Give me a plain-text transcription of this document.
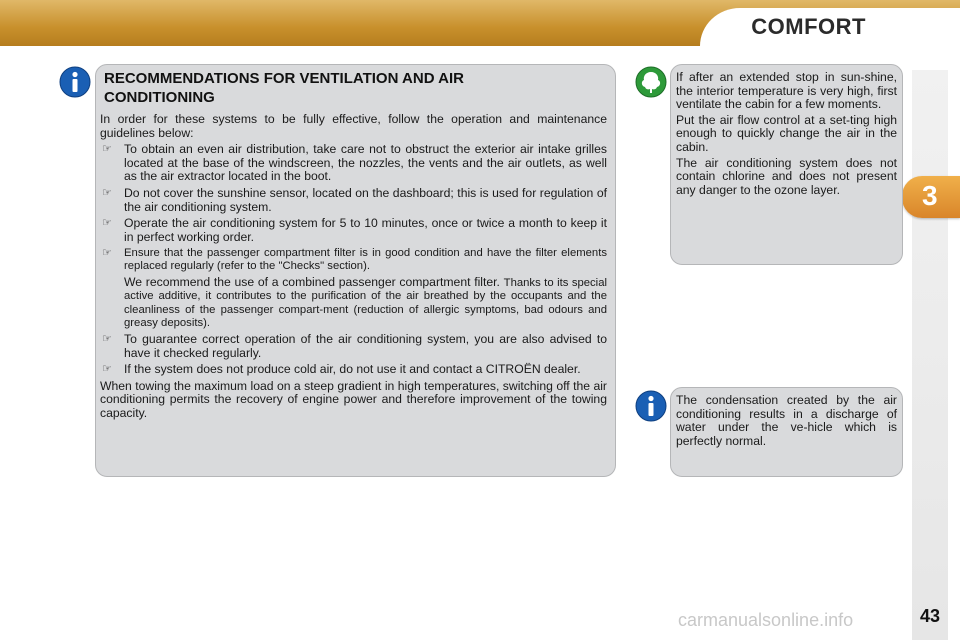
COMFORT
3
RECOMMENDATIONS FOR VENTILATION AND AIR CONDITIONING

In order for these systems to be fully effective, follow the operation and maintenance guidelines below:

☞ To obtain an even air distribution, take care not to obstruct the exterior air intake grilles located at the base of the windscreen, the nozzles, the vents and the air outlets, as well as the air extractor located in the boot.
☞ Do not cover the sunshine sensor, located on the dashboard; this is used for regulation of the air conditioning system.
☞ Operate the air conditioning system for 5 to 10 minutes, once or twice a month to keep it in perfect working order.
☞ Ensure that the passenger compartment filter is in good condition and have the filter elements replaced regularly (refer to the "Checks" section).
We recommend the use of a combined passenger compartment filter. Thanks to its special active additive, it contributes to the purification of the air breathed by the occupants and the cleanliness of the passenger compart-ment (reduction of allergic symptoms, bad odours and greasy deposits).
☞ To guarantee correct operation of the air conditioning system, you are also advised to have it checked regularly.
☞ If the system does not produce cold air, do not use it and contact a CITROËN dealer.

When towing the maximum load on a steep gradient in high temperatures, switching off the air conditioning permits the recovery of engine power and therefore improvement of the towing capacity.

If after an extended stop in sun-shine, the interior temperature is very high, first ventilate the cabin for a few moments.

Put the air flow control at a set-ting high enough to quickly change the air in the cabin.

The air conditioning system does not contain chlorine and does not present any danger to the ozone layer.

The condensation created by the air conditioning results in a discharge of water under the ve-hicle which is perfectly normal.
43
carmanualsonline.info
